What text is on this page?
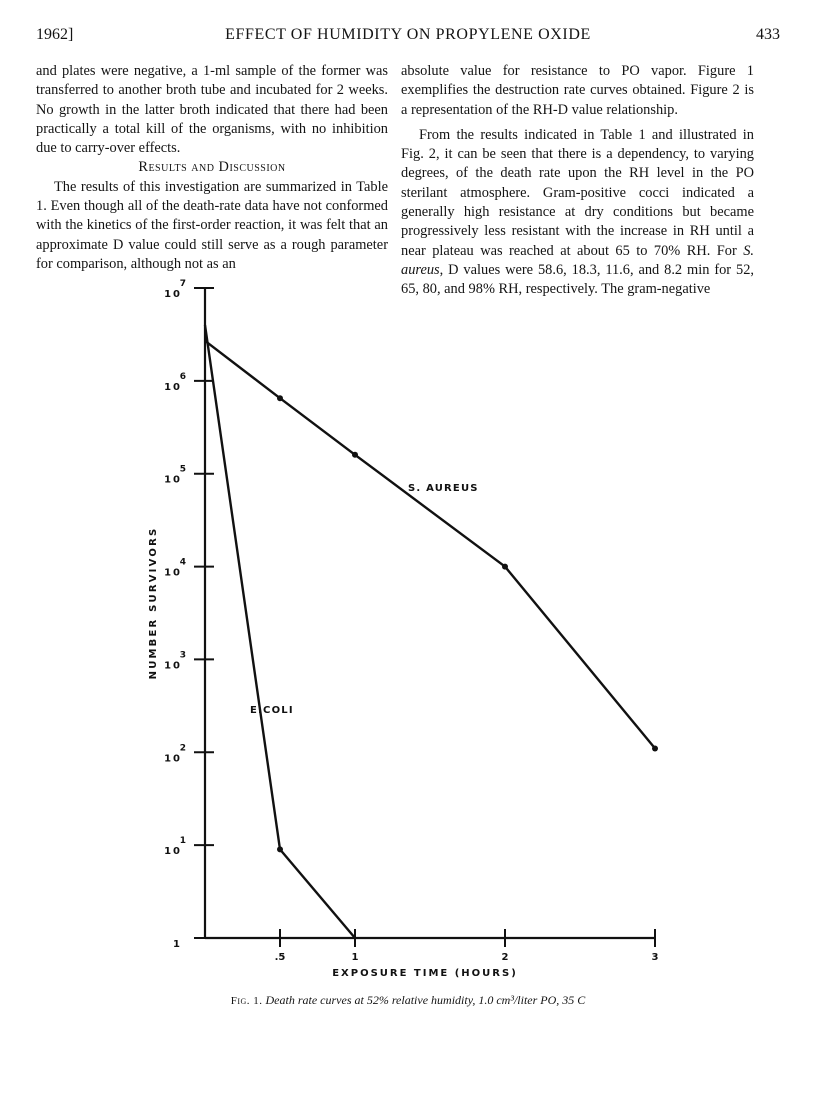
1962]	EFFECT OF HUMIDITY ON PROPYLENE OXIDE	433

and plates were negative, a 1-ml sample of the former was transferred to another broth tube and incubated for 2 weeks. No growth in the latter broth indicated that there had been practically a total kill of the organisms, with no inhibition due to carry-over effects.

Results and Discussion

The results of this investigation are summarized in Table 1. Even though all of the death-rate data have not conformed with the kinetics of the first-order reaction, it was felt that an approximate D value could still serve as a rough parameter for comparison, although not as an

absolute value for resistance to PO vapor. Figure 1 exemplifies the destruction rate curves obtained. Figure 2 is a representation of the RH-D value relationship.

From the results indicated in Table 1 and illustrated in Fig. 2, it can be seen that there is a dependency, to varying degrees, of the death rate upon the RH level in the PO sterilant atmosphere. Gram-positive cocci indicated a generally high resistance at dry conditions but became progressively less resistant with the increase in RH until a near plateau was reached at about 65 to 70% RH. For S. aureus, D values were 58.6, 18.3, 11.6, and 8.2 min for 52, 65, 80, and 98% RH, respectively. The gram-negative

1
10
1
10
2
10
3
10
4
10
5
10
6
10
7
.5	1	2	3
EXPOSURE TIME (HOURS)
NUMBER SURVIVORS
S. AUREUS
E.COLI
Fig. 1. Death rate curves at 52% relative humidity, 1.0 cm³/liter PO, 35 C
